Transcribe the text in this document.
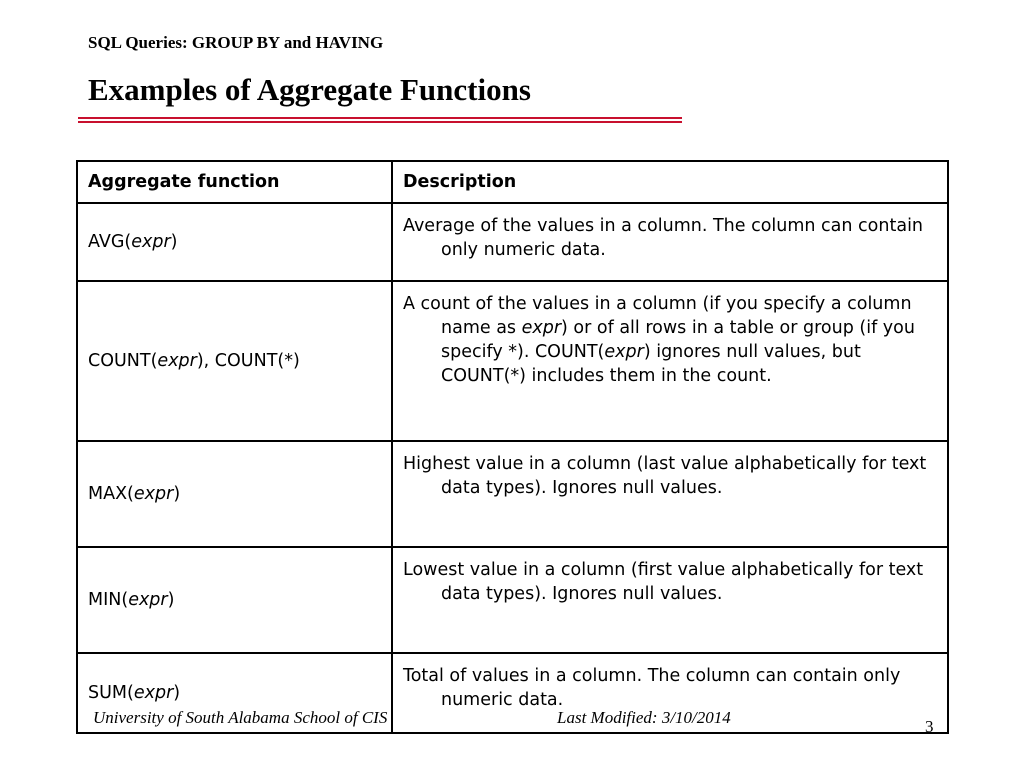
SQL Queries: GROUP BY and HAVING
Examples of Aggregate Functions
Aggregate function	Description
AVG(expr)	Average of the values in a column. The column can contain only numeric data.

COUNT(expr), COUNT(*)	A count of the values in a column (if you specify a column name as expr) or of all rows in a table or group (if you specify *). COUNT(expr) ignores null values, but COUNT(*) includes them in the count.

MAX(expr)	Highest value in a column (last value alphabetically for text data types). Ignores null values.

MIN(expr)	Lowest value in a column (first value alphabetically for text data types). Ignores null values.

SUM(expr)	Total of values in a column. The column can contain only numeric data.
University of South Alabama School of CIS	Last Modified: 3/10/2014	3
